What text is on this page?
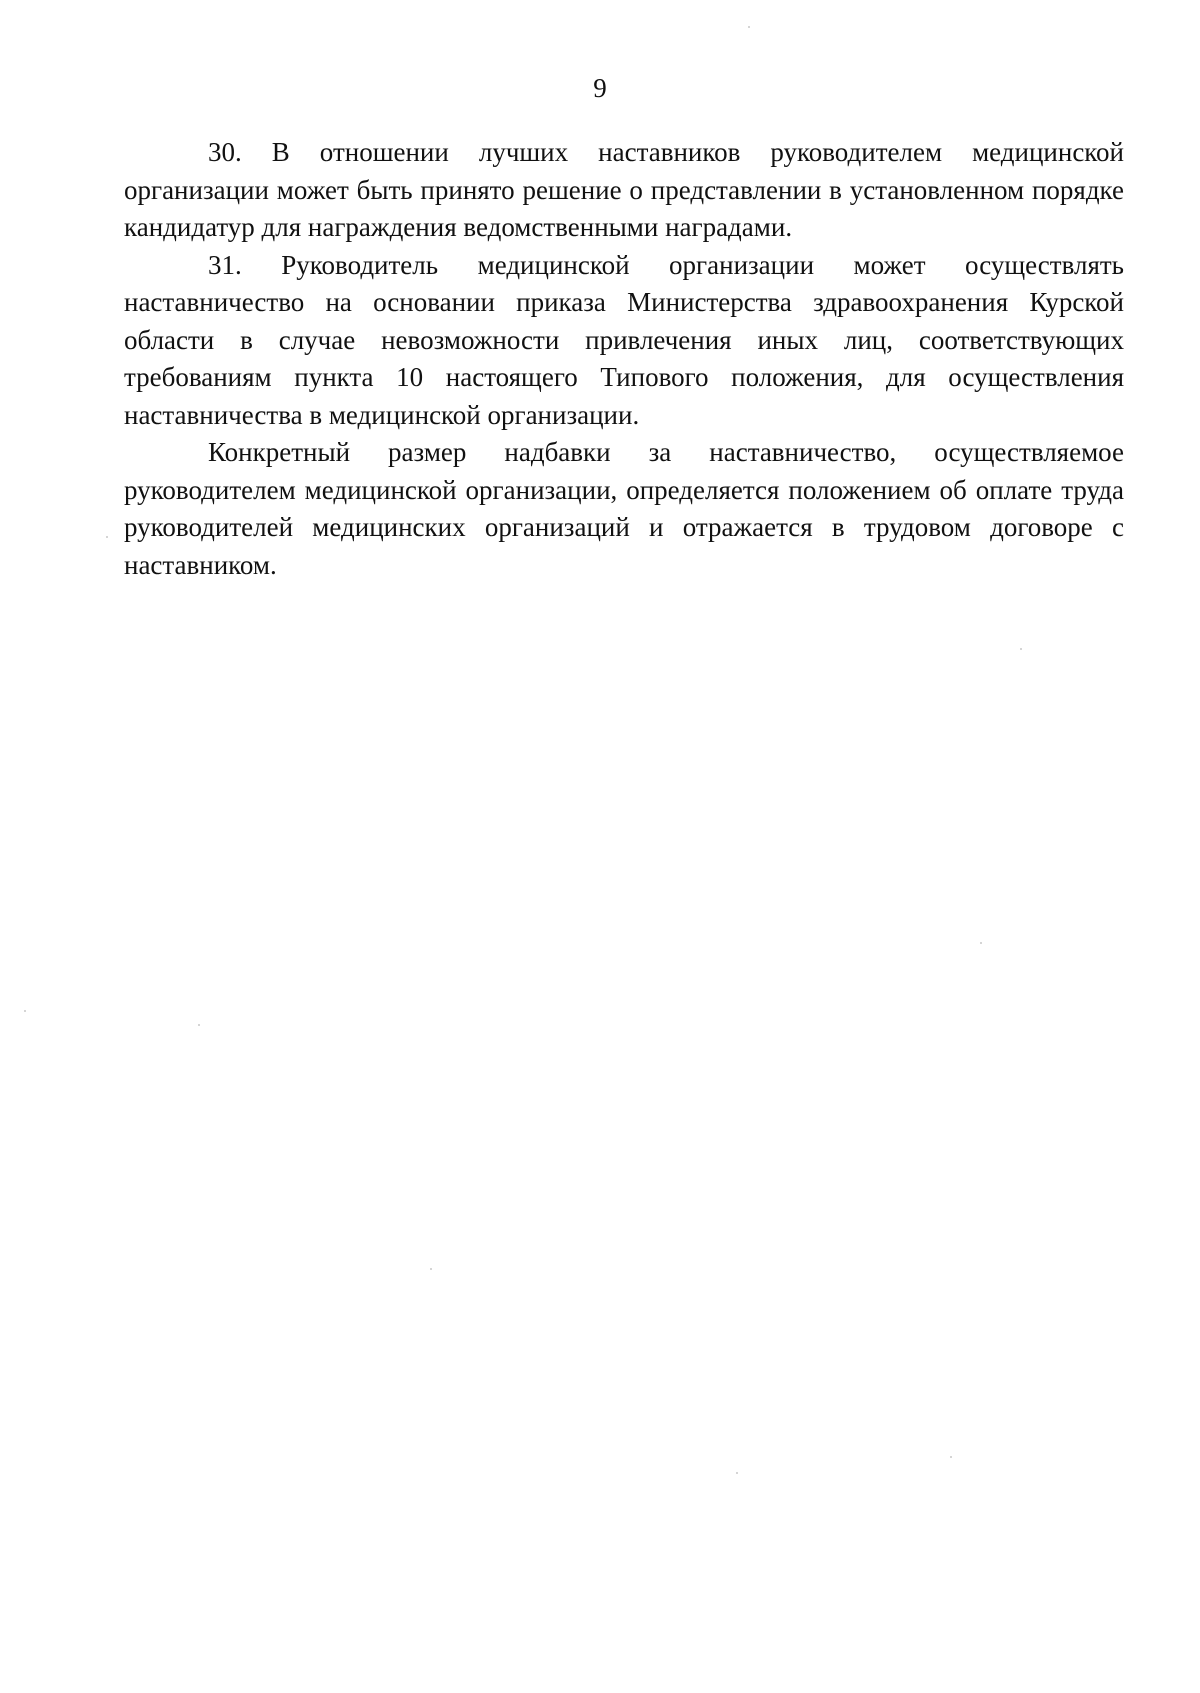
9

30. В отношении лучших наставников руководителем медицинской организации может быть принято решение о представлении в установленном порядке кандидатур для награждения ведомственными наградами.

31. Руководитель медицинской организации может осуществлять наставничество на основании приказа Министерства здравоохранения Курской области в случае невозможности привлечения иных лиц, соответствующих требованиям пункта 10 настоящего Типового положения, для осуществления наставничества в медицинской организации.

Конкретный размер надбавки за наставничество, осуществляемое руководителем медицинской организации, определяется положением об оплате труда руководителей медицинских организаций и отражается в трудовом договоре с наставником.
